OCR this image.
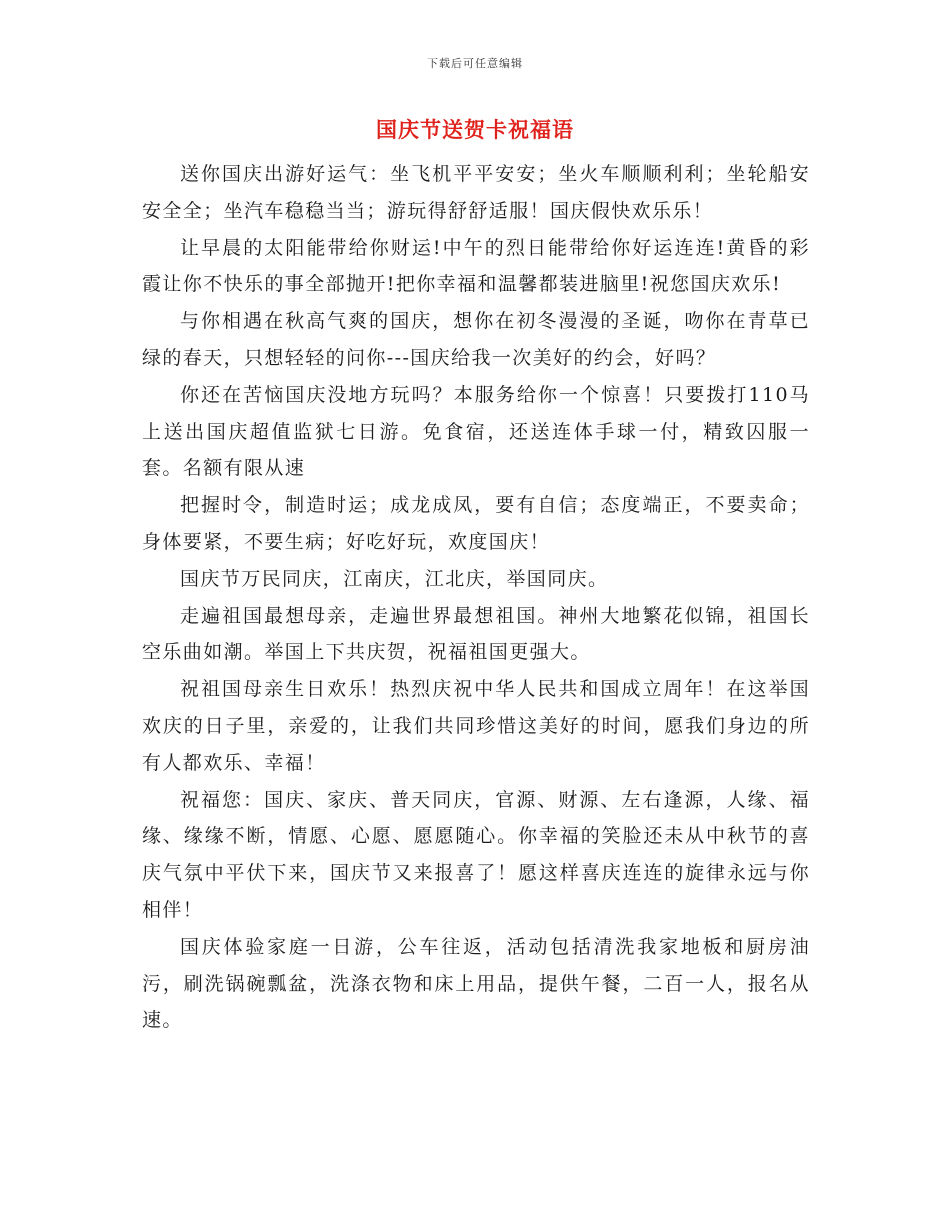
下载后可任意编辑
国庆节送贺卡祝福语

送你国庆出游好运气：坐飞机平平安安；坐火车顺顺利利；坐轮船安安全全；坐汽车稳稳当当；游玩得舒舒适服！国庆假快欢乐乐！

让早晨的太阳能带给你财运!中午的烈日能带给你好运连连!黄昏的彩霞让你不快乐的事全部抛开!把你幸福和温馨都装进脑里!祝您国庆欢乐!

与你相遇在秋高气爽的国庆，想你在初冬漫漫的圣诞，吻你在青草已绿的春天，只想轻轻的问你---国庆给我一次美好的约会，好吗？

你还在苦恼国庆没地方玩吗？本服务给你一个惊喜！只要拨打110马上送出国庆超值监狱七日游。免食宿，还送连体手球一付，精致囚服一套。名额有限从速

把握时令，制造时运；成龙成凤，要有自信；态度端正，不要卖命；身体要紧，不要生病；好吃好玩，欢度国庆！

国庆节万民同庆，江南庆，江北庆，举国同庆。

走遍祖国最想母亲，走遍世界最想祖国。神州大地繁花似锦，祖国长空乐曲如潮。举国上下共庆贺，祝福祖国更强大。

祝祖国母亲生日欢乐！热烈庆祝中华人民共和国成立周年！在这举国欢庆的日子里，亲爱的，让我们共同珍惜这美好的时间，愿我们身边的所有人都欢乐、幸福！

祝福您：国庆、家庆、普天同庆，官源、财源、左右逢源，人缘、福缘、缘缘不断，情愿、心愿、愿愿随心。你幸福的笑脸还未从中秋节的喜庆气氛中平伏下来，国庆节又来报喜了！愿这样喜庆连连的旋律永远与你相伴！

国庆体验家庭一日游，公车往返，活动包括清洗我家地板和厨房油污，刷洗锅碗瓢盆，洗涤衣物和床上用品，提供午餐，二百一人，报名从速。
